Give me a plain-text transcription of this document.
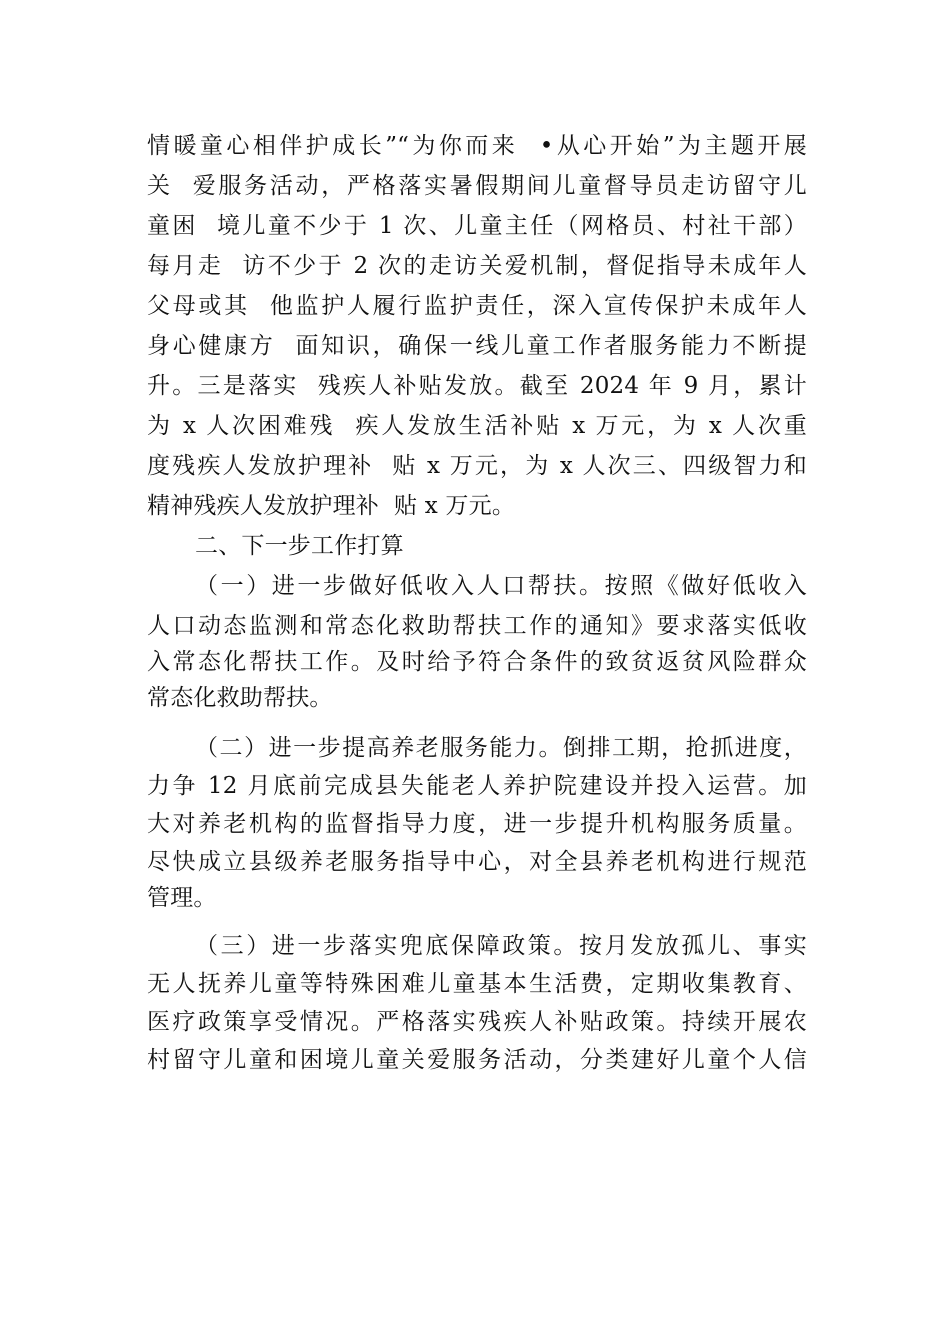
情暖童心相伴护成长”“为你而来  •从心开始”为主题开展
关  爱服务活动，严格落实暑假期间儿童督导员走访留守儿
童困  境儿童不少于 1 次、儿童主任（网格员、村社干部）
每月走  访不少于 2 次的走访关爱机制，督促指导未成年人
父母或其  他监护人履行监护责任，深入宣传保护未成年人
身心健康方  面知识，确保一线儿童工作者服务能力不断提
升。三是落实  残疾人补贴发放。截至 2024 年 9 月，累计
为 x 人次困难残  疾人发放生活补贴 x 万元，为 x 人次重
度残疾人发放护理补  贴 x 万元，为 x 人次三、四级智力和
精神残疾人发放护理补  贴 x 万元。
二、下一步工作打算
（一）进一步做好低收入人口帮扶。按照《做好低收入
人口动态监测和常态化救助帮扶工作的通知》要求落实低收
入常态化帮扶工作。及时给予符合条件的致贫返贫风险群众
常态化救助帮扶。
（二）进一步提高养老服务能力。倒排工期，抢抓进度，
力争 12 月底前完成县失能老人养护院建设并投入运营。加
大对养老机构的监督指导力度，进一步提升机构服务质量。
尽快成立县级养老服务指导中心，对全县养老机构进行规范
管理。
（三）进一步落实兜底保障政策。按月发放孤儿、事实
无人抚养儿童等特殊困难儿童基本生活费，定期收集教育、
医疗政策享受情况。严格落实残疾人补贴政策。持续开展农
村留守儿童和困境儿童关爱服务活动，分类建好儿童个人信
